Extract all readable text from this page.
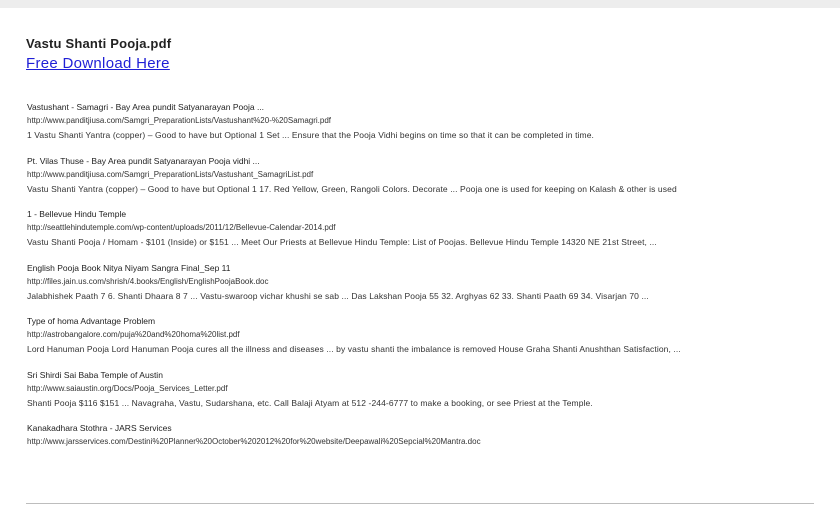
Vastu Shanti Pooja.pdf
Free Download Here
Vastushant - Samagri - Bay Area pundit Satyanarayan Pooja ...
http://www.panditjiusa.com/Samgri_PreparationLists/Vastushant%20-%20Samagri.pdf
1 Vastu Shanti Yantra (copper) – Good to have but Optional 1 Set ... Ensure that the Pooja Vidhi begins on time so that it can be completed in time.
Pt. Vilas Thuse - Bay Area pundit Satyanarayan Pooja vidhi ...
http://www.panditjiusa.com/Samgri_PreparationLists/Vastushant_SamagriList.pdf
Vastu Shanti Yantra (copper) – Good to have but Optional 1 17. Red Yellow, Green, Rangoli Colors. Decorate ... Pooja one is used for keeping on Kalash & other is used
1 - Bellevue Hindu Temple
http://seattlehindutemple.com/wp-content/uploads/2011/12/Bellevue-Calendar-2014.pdf
Vastu Shanti Pooja / Homam - $101 (Inside) or $151 ... Meet Our Priests at Bellevue Hindu Temple: List of Poojas. Bellevue Hindu Temple 14320 NE 21st Street, ...
English Pooja Book Nitya Niyam Sangra Final_Sep 11
http://files.jain.us.com/shrish/4.books/English/EnglishPoojaBook.doc
Jalabhishek Paath 7 6. Shanti Dhaara 8 7 ... Vastu-swaroop vichar khushi se sab ... Das Lakshan Pooja 55 32. Arghyas 62 33. Shanti Paath 69 34. Visarjan 70 ...
Type of homa Advantage Problem
http://astrobangalore.com/puja%20and%20homa%20list.pdf
Lord Hanuman Pooja Lord Hanuman Pooja cures all the illness and diseases ... by vastu shanti the imbalance is removed House Graha Shanti Anushthan Satisfaction, ...
Sri Shirdi Sai Baba Temple of Austin
http://www.saiaustin.org/Docs/Pooja_Services_Letter.pdf
Shanti Pooja $116 $151 ... Navagraha, Vastu, Sudarshana, etc. Call Balaji Atyam at 512 -244-6777 to make a booking, or see Priest at the Temple.
Kanakadhara Stothra - JARS Services
http://www.jarsservices.com/Destini%20Planner%20October%202012%20for%20website/Deepawali%20Sepcial%20Mantra.doc
